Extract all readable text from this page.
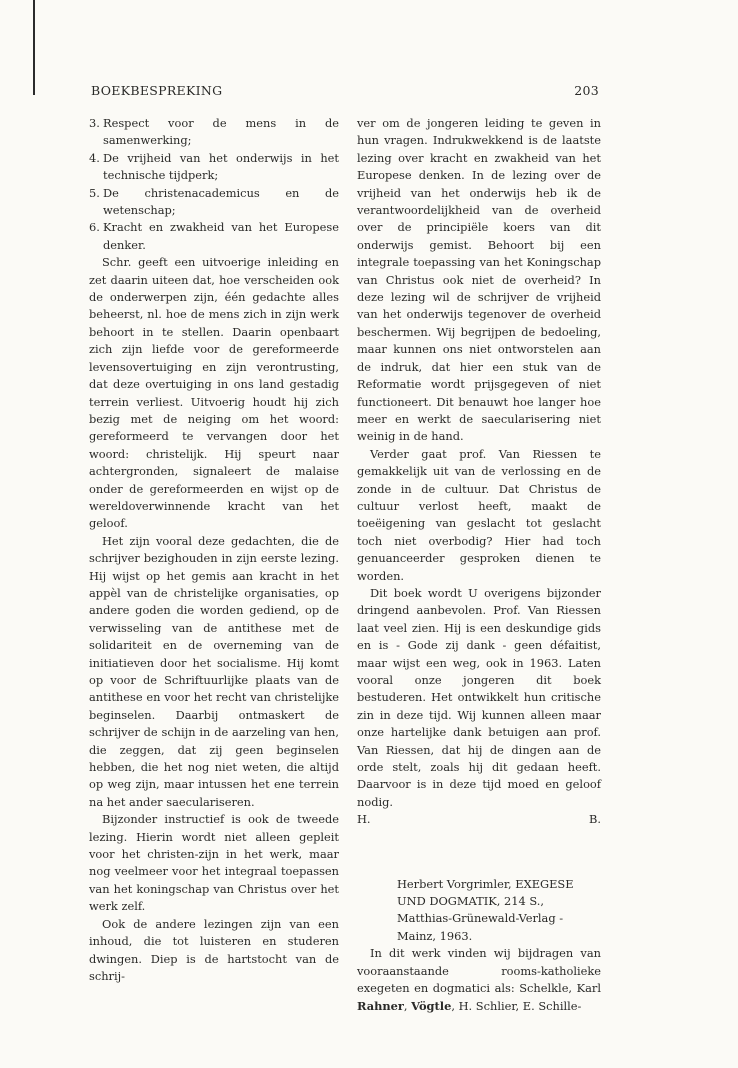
BOEKBESPREKING	203
3. Respect voor de mens in de samenwerking;
4. De vrijheid van het onderwijs in het technische tijdperk;
5. De christenacademicus en de wetenschap;
6. Kracht en zwakheid van het Europese denker.

Schr. geeft een uitvoerige inleiding en zet daarin uiteen dat, hoe verscheiden ook de onderwerpen zijn, één gedachte alles beheerst, nl. hoe de mens zich in zijn werk behoort in te stellen. Daarin openbaart zich zijn liefde voor de gereformeerde levensovertuiging en zijn verontrusting, dat deze overtuiging in ons land gestadig terrein verliest. Uitvoerig houdt hij zich bezig met de neiging om het woord: gereformeerd te vervangen door het woord: christelijk. Hij speurt naar achtergronden, signaleert de malaise onder de gereformeerden en wijst op de wereldoverwinnende kracht van het geloof.

Het zijn vooral deze gedachten, die de schrijver bezighouden in zijn eerste lezing. Hij wijst op het gemis aan kracht in het appèl van de christelijke organisaties, op andere goden die worden gediend, op de verwisseling van de antithese met de solidariteit en de overneming van de initiatieven door het socialisme. Hij komt op voor de Schriftuurlijke plaats van de antithese en voor het recht van christelijke beginselen. Daarbij ontmaskert de schrijver de schijn in de aarzeling van hen, die zeggen, dat zij geen beginselen hebben, die het nog niet weten, die altijd op weg zijn, maar intussen het ene terrein na het ander saeculariseren.

Bijzonder instructief is ook de tweede lezing. Hierin wordt niet alleen gepleit voor het christen-zijn in het werk, maar nog veelmeer voor het integraal toepassen van het koningschap van Christus over het werk zelf.

Ook de andere lezingen zijn van een inhoud, die tot luisteren en studeren dwingen. Diep is de hartstocht van de schrij-

ver om de jongeren leiding te geven in hun vragen. Indrukwekkend is de laatste lezing over kracht en zwakheid van het Europese denken. In de lezing over de vrijheid van het onderwijs heb ik de verantwoordelijkheid van de overheid over de principiële koers van dit onderwijs gemist. Behoort bij een integrale toepassing van het Koningschap van Christus ook niet de overheid? In deze lezing wil de schrijver de vrijheid van het onderwijs tegenover de overheid beschermen. Wij begrijpen de bedoeling, maar kunnen ons niet ontworstelen aan de indruk, dat hier een stuk van de Reformatie wordt prijsgegeven of niet functioneert. Dit benauwt hoe langer hoe meer en werkt de saecularisering niet weinig in de hand.

Verder gaat prof. Van Riessen te gemakkelijk uit van de verlossing en de zonde in de cultuur. Dat Christus de cultuur verlost heeft, maakt de toeëigening van geslacht tot geslacht toch niet overbodig? Hier had toch genuanceerder gesproken dienen te worden.

Dit boek wordt U overigens bijzonder dringend aanbevolen. Prof. Van Riessen laat veel zien. Hij is een deskundige gids en is - Gode zij dank - geen défaitist, maar wijst een weg, ook in 1963. Laten vooral onze jongeren dit boek bestuderen. Het ontwikkelt hun critische zin in deze tijd. Wij kunnen alleen maar onze hartelijke dank betuigen aan prof. Van Riessen, dat hij de dingen aan de orde stelt, zoals hij dit gedaan heeft. Daarvoor is in deze tijd moed en geloof nodig.

H.	B.

Herbert Vorgrimler, EXEGESE UND DOGMATIK, 214 S., Matthias-Grünewald-Verlag - Mainz, 1963.

In dit werk vinden wij bijdragen van vooraanstaande rooms-katholieke exegeten en dogmatici als: Schelkle, Karl Rahner, Vögtle, H. Schlier, E. Schille-
